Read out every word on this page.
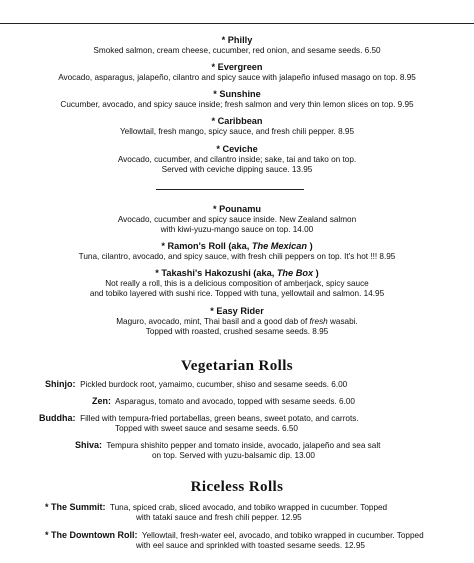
* Philly
Smoked salmon, cream cheese, cucumber, red onion, and sesame seeds. 6.50
* Evergreen
Avocado, asparagus, jalapeño, cilantro and spicy sauce with jalapeño infused masago on top. 8.95
* Sunshine
Cucumber, avocado, and spicy sauce inside; fresh salmon and very thin lemon slices on top. 9.95
* Caribbean
Yellowtail, fresh mango, spicy sauce, and fresh chili pepper. 8.95
* Ceviche
Avocado, cucumber, and cilantro inside; sake, tai and tako on top.
Served with ceviche dipping sauce. 13.95
* Pounamu
Avocado, cucumber and spicy sauce inside. New Zealand salmon
with kiwi-yuzu-mango sauce on top. 14.00
* Ramon's Roll (aka, The Mexican )
Tuna, cilantro, avocado, and spicy sauce, with fresh chili peppers on top. It's hot !!! 8.95
* Takashi's Hakozushi (aka, The Box )
Not really a roll, this is a delicious composition of amberjack, spicy sauce
and tobiko layered with sushi rice. Topped with tuna, yellowtail and salmon. 14.95
* Easy Rider
Maguro, avocado, mint, Thai basil and a good dab of fresh wasabi.
Topped with roasted, crushed sesame seeds. 8.95
Vegetarian Rolls
Shinjo: Pickled burdock root, yamaimo, cucumber, shiso and sesame seeds. 6.00
Zen: Asparagus, tomato and avocado, topped with sesame seeds. 6.00
Buddha: Filled with tempura-fried portabellas, green beans, sweet potato, and carrots.
Topped with sweet sauce and sesame seeds. 6.50
Shiva: Tempura shishito pepper and tomato inside, avocado, jalapeño and sea salt
on top. Served with yuzu-balsamic dip. 13.00
Riceless Rolls
* The Summit: Tuna, spiced crab, sliced avocado, and tobiko wrapped in cucumber. Topped
with tataki sauce and fresh chili pepper. 12.95
* The Downtown Roll: Yellowtail, fresh-water eel, avocado, and tobiko wrapped in cucumber. Topped
with eel sauce and sprinkled with toasted sesame seeds. 12.95
